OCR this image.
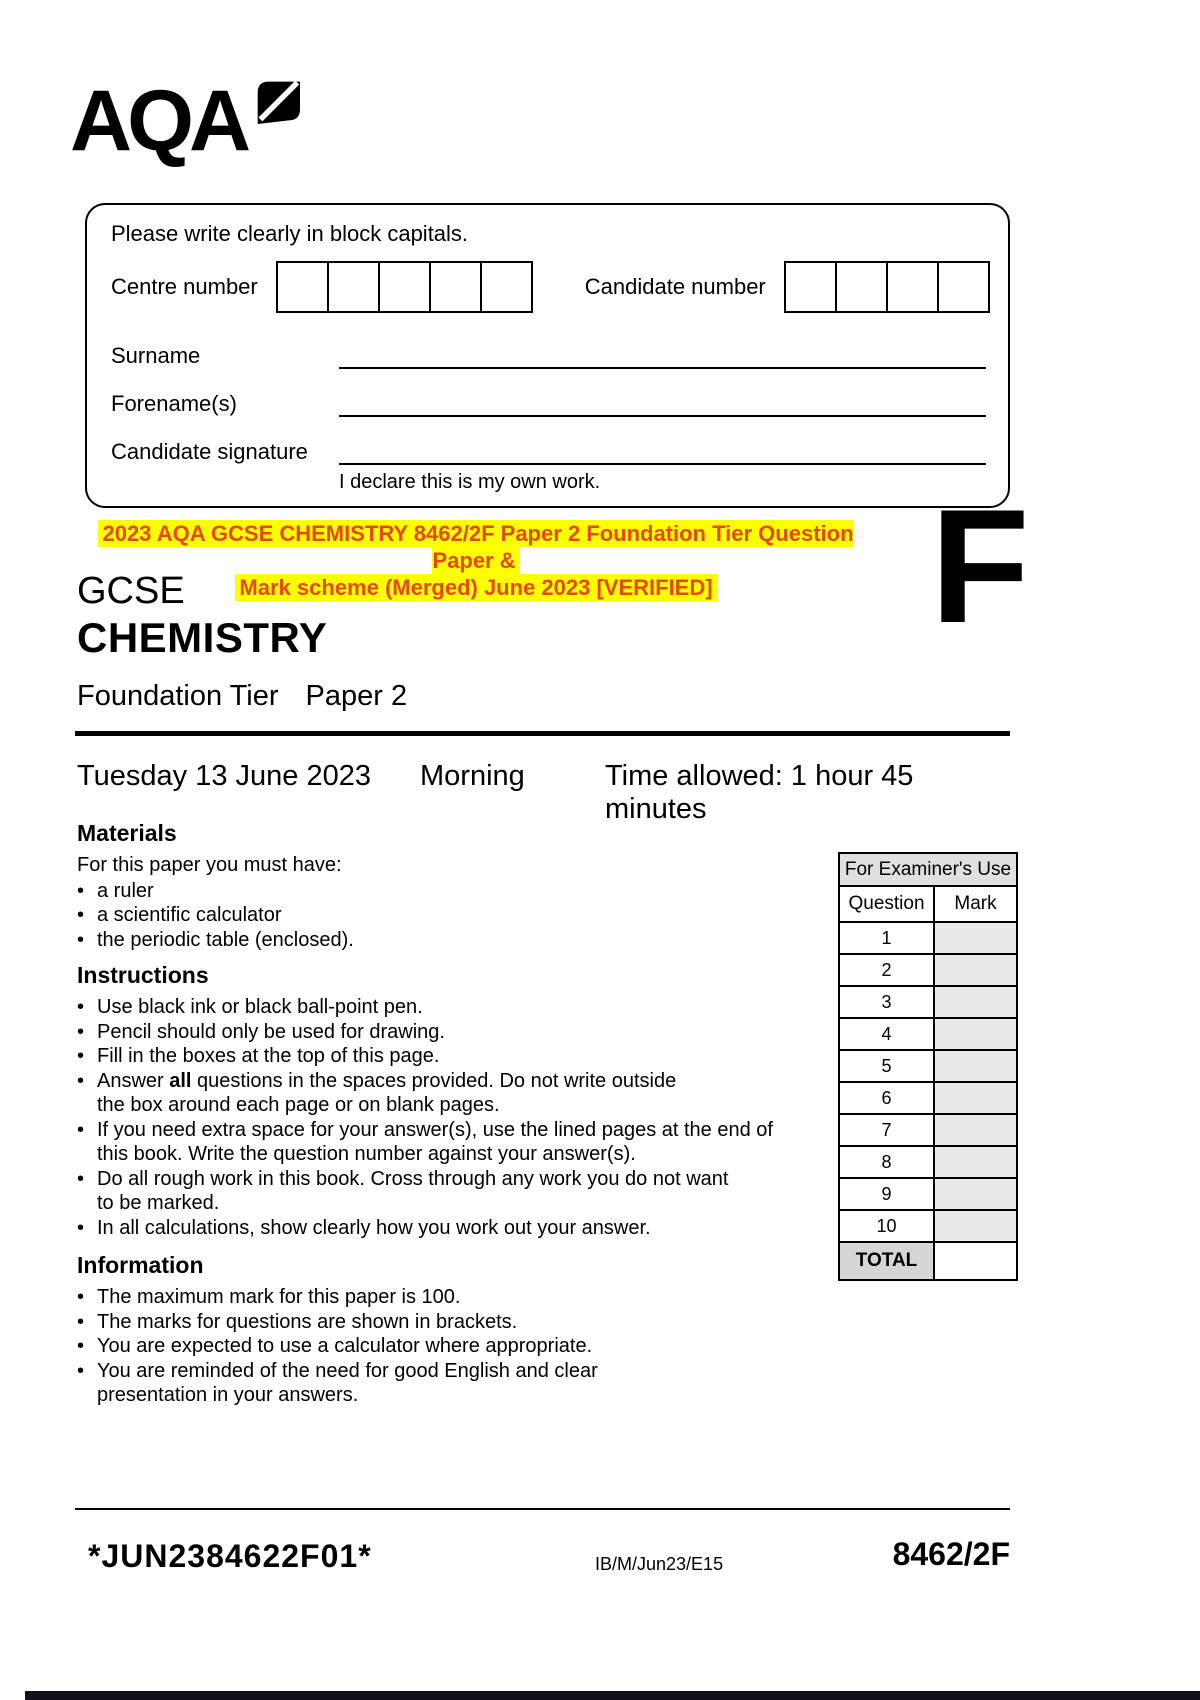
AQA
Please write clearly in block capitals.
Centre number	Candidate number
Surname
Forename(s)
Candidate signature
I declare this is my own work.
2023 AQA GCSE CHEMISTRY 8462/2F Paper 2 Foundation Tier Question Paper &
Mark scheme (Merged) June 2023 [VERIFIED]	F
GCSE
CHEMISTRY
Foundation Tier Paper 2
Tuesday 13 June 2023 Morning	Time allowed: 1 hour 45 minutes
Materials
For this paper you must have:
• a ruler
• a scientific calculator
• the periodic table (enclosed).
Instructions
• Use black ink or black ball-point pen.
• Pencil should only be used for drawing.
• Fill in the boxes at the top of this page.
• Answer all questions in the spaces provided. Do not write outside
the box around each page or on blank pages.
• If you need extra space for your answer(s), use the lined pages at the end of
this book. Write the question number against your answer(s).
• Do all rough work in this book. Cross through any work you do not want
to be marked.
• In all calculations, show clearly how you work out your answer.
Information
• The maximum mark for this paper is 100.
• The marks for questions are shown in brackets.
• You are expected to use a calculator where appropriate.
• You are reminded of the need for good English and clear
presentation in your answers.
For Examiner's Use	
Question	Mark
1	
2	
3	
4	
5	
6	
7	
8	
9	
10	
TOTAL	
*JUN2384622F01*	IB/M/Jun23/E15	8462/2F
